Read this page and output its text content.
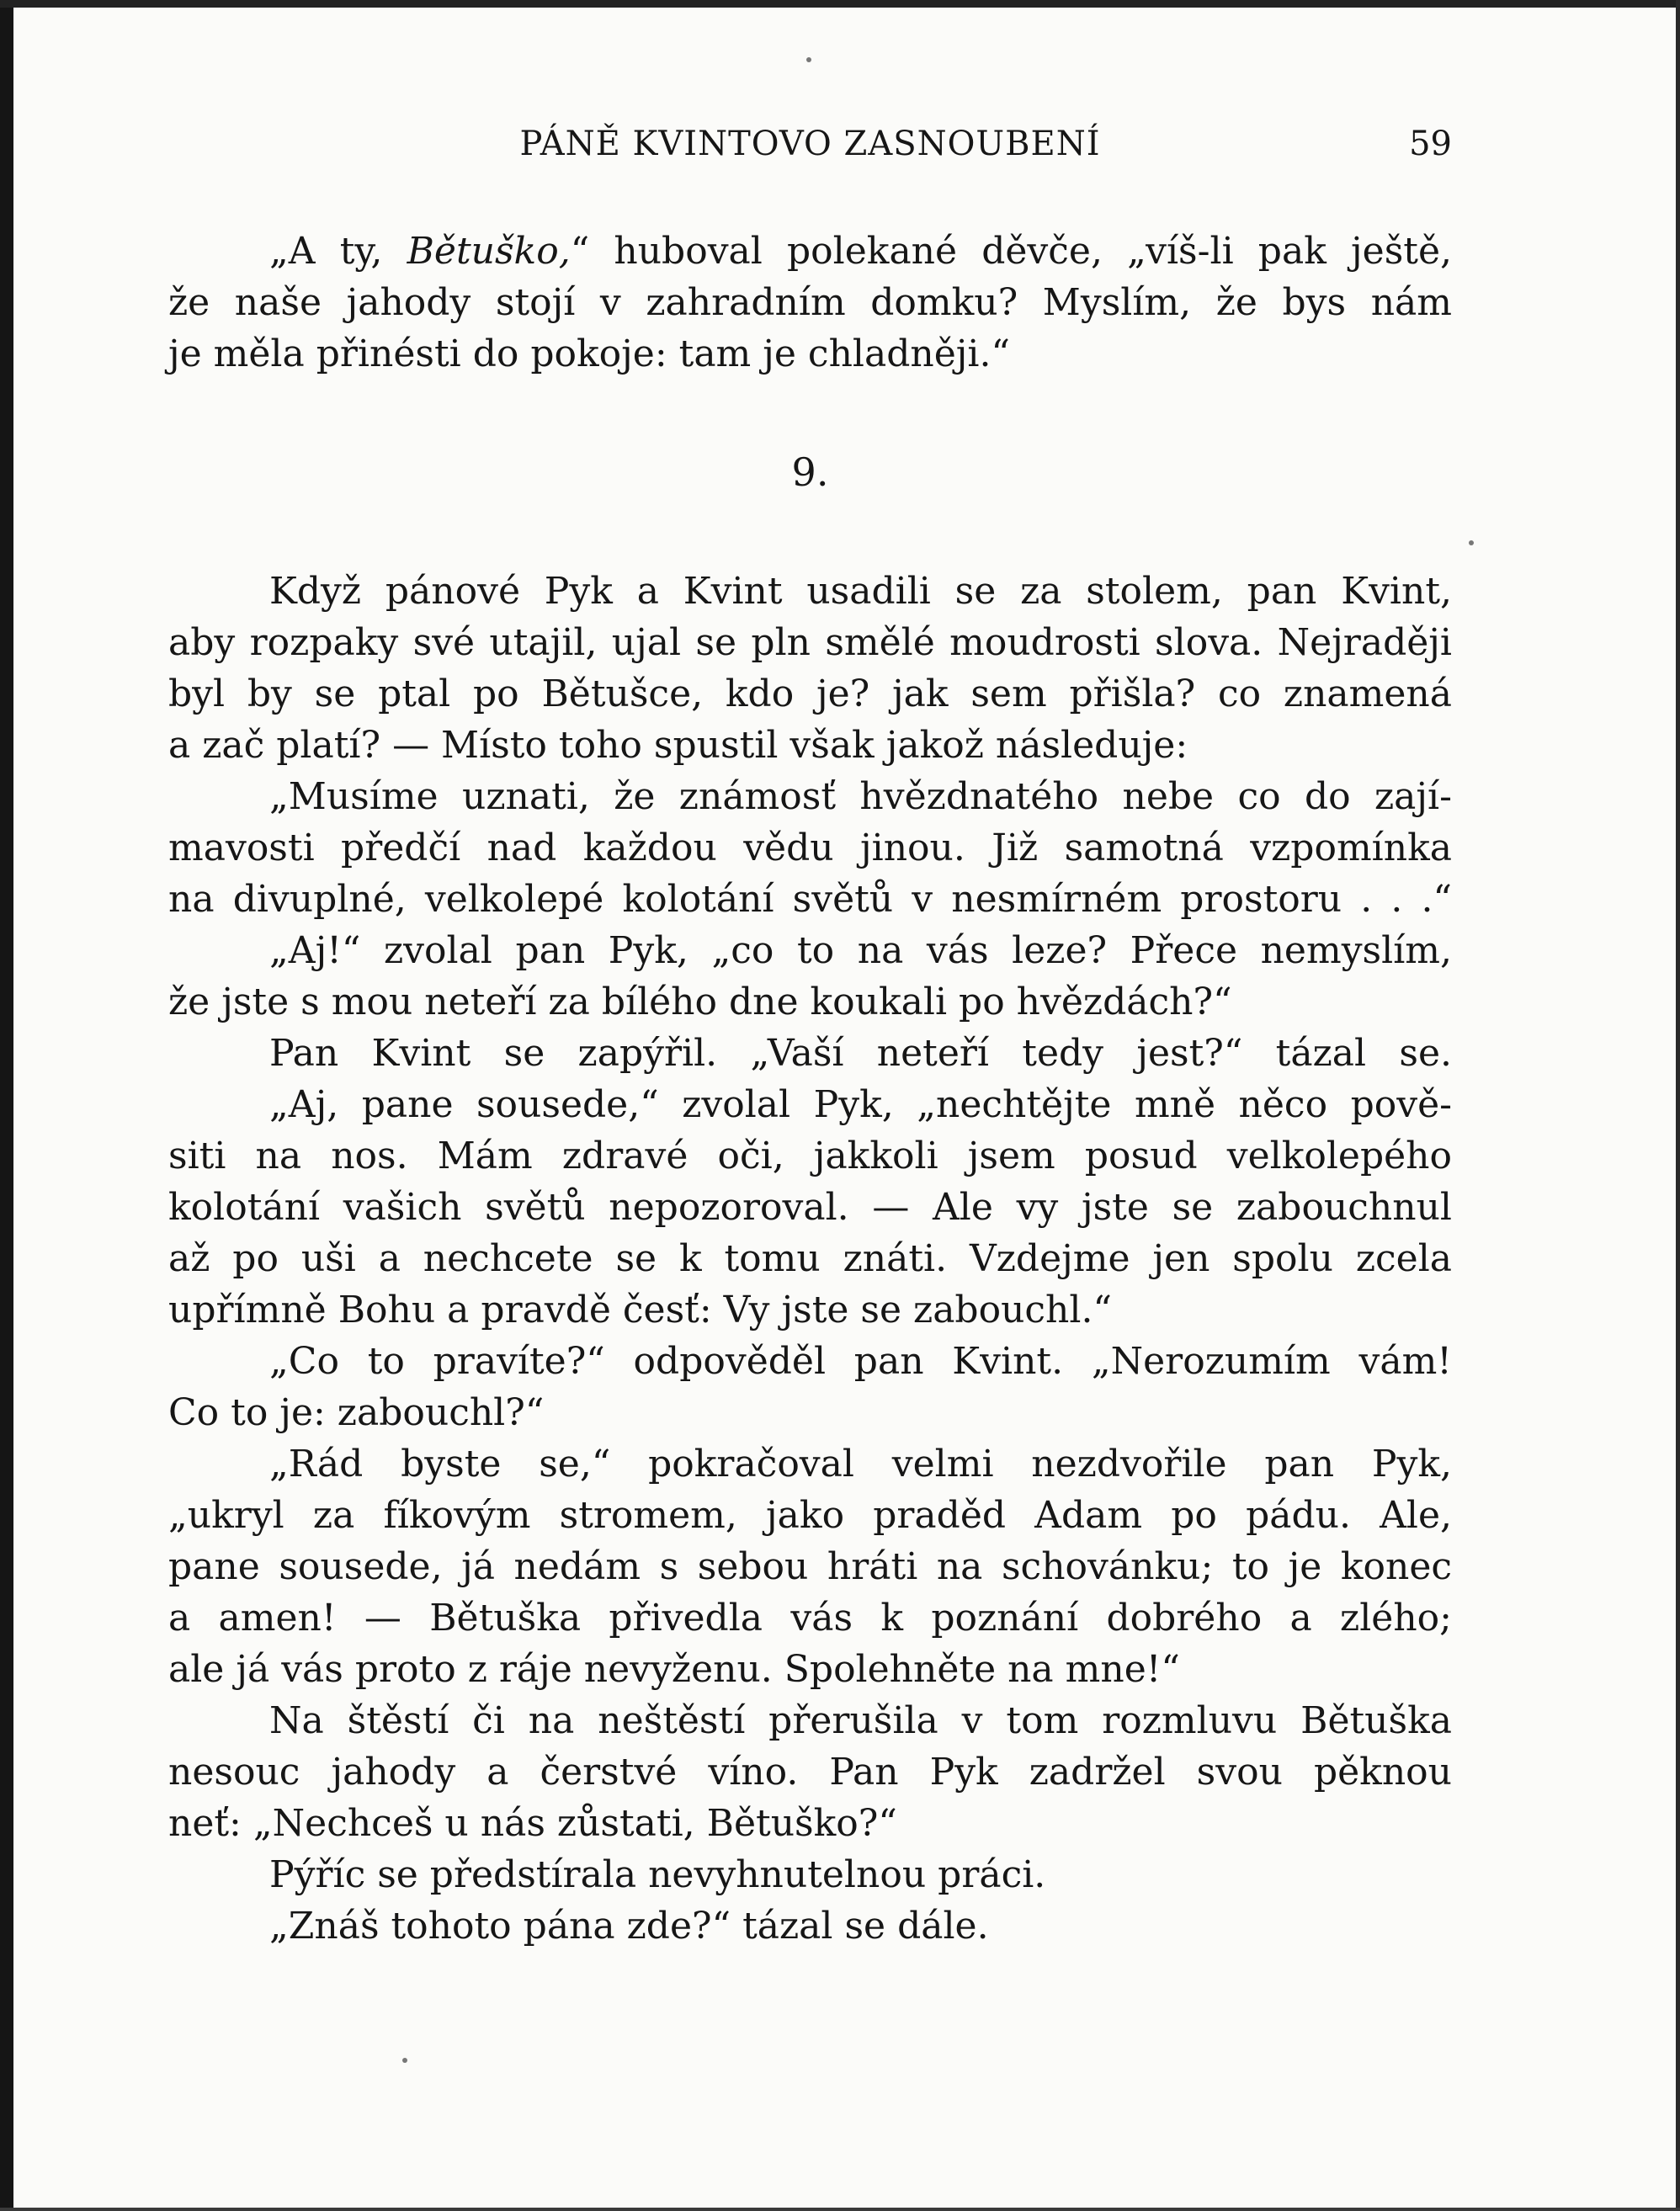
PÁNĚ KVINTOVO ZASNOUBENÍ	59
„A ty, Bětuško,“ huboval polekané děvče, „víš-li pak ještě,
že naše jahody stojí v zahradním domku? Myslím, že bys nám
je měla přinésti do pokoje: tam je chladněji.“
9.
Když pánové Pyk a Kvint usadili se za stolem, pan Kvint,
aby rozpaky své utajil, ujal se pln smělé moudrosti slova. Nejraději
byl by se ptal po Bětušce, kdo je? jak sem přišla? co znamená
a zač platí? — Místo toho spustil však jakož následuje:
„Musíme uznati, že známosť hvězdnatého nebe co do zají-
mavosti předčí nad každou vědu jinou. Již samotná vzpomínka
na divuplné, velkolepé kolotání světů v nesmírném prostoru . . .“
„Aj!“ zvolal pan Pyk, „co to na vás leze? Přece nemyslím,
že jste s mou neteří za bílého dne koukali po hvězdách?“
Pan Kvint se zapýřil. „Vaší neteří tedy jest?“ tázal se.
„Aj, pane sousede,“ zvolal Pyk, „nechtějte mně něco pově-
siti na nos. Mám zdravé oči, jakkoli jsem posud velkolepého
kolotání vašich světů nepozoroval. — Ale vy jste se zabouchnul
až po uši a nechcete se k tomu znáti. Vzdejme jen spolu zcela
upřímně Bohu a pravdě česť: Vy jste se zabouchl.“
„Co to pravíte?“ odpověděl pan Kvint. „Nerozumím vám!
Co to je: zabouchl?“
„Rád byste se,“ pokračoval velmi nezdvořile pan Pyk,
„ukryl za fíkovým stromem, jako praděd Adam po pádu. Ale,
pane sousede, já nedám s sebou hráti na schovánku; to je konec
a amen! — Bětuška přivedla vás k poznání dobrého a zlého;
ale já vás proto z ráje nevyženu. Spolehněte na mne!“
Na štěstí či na neštěstí přerušila v tom rozmluvu Bětuška
nesouc jahody a čerstvé víno. Pan Pyk zadržel svou pěknou
neť: „Nechceš u nás zůstati, Bětuško?“
Pýříc se předstírala nevyhnutelnou práci.
„Znáš tohoto pána zde?“ tázal se dále.
